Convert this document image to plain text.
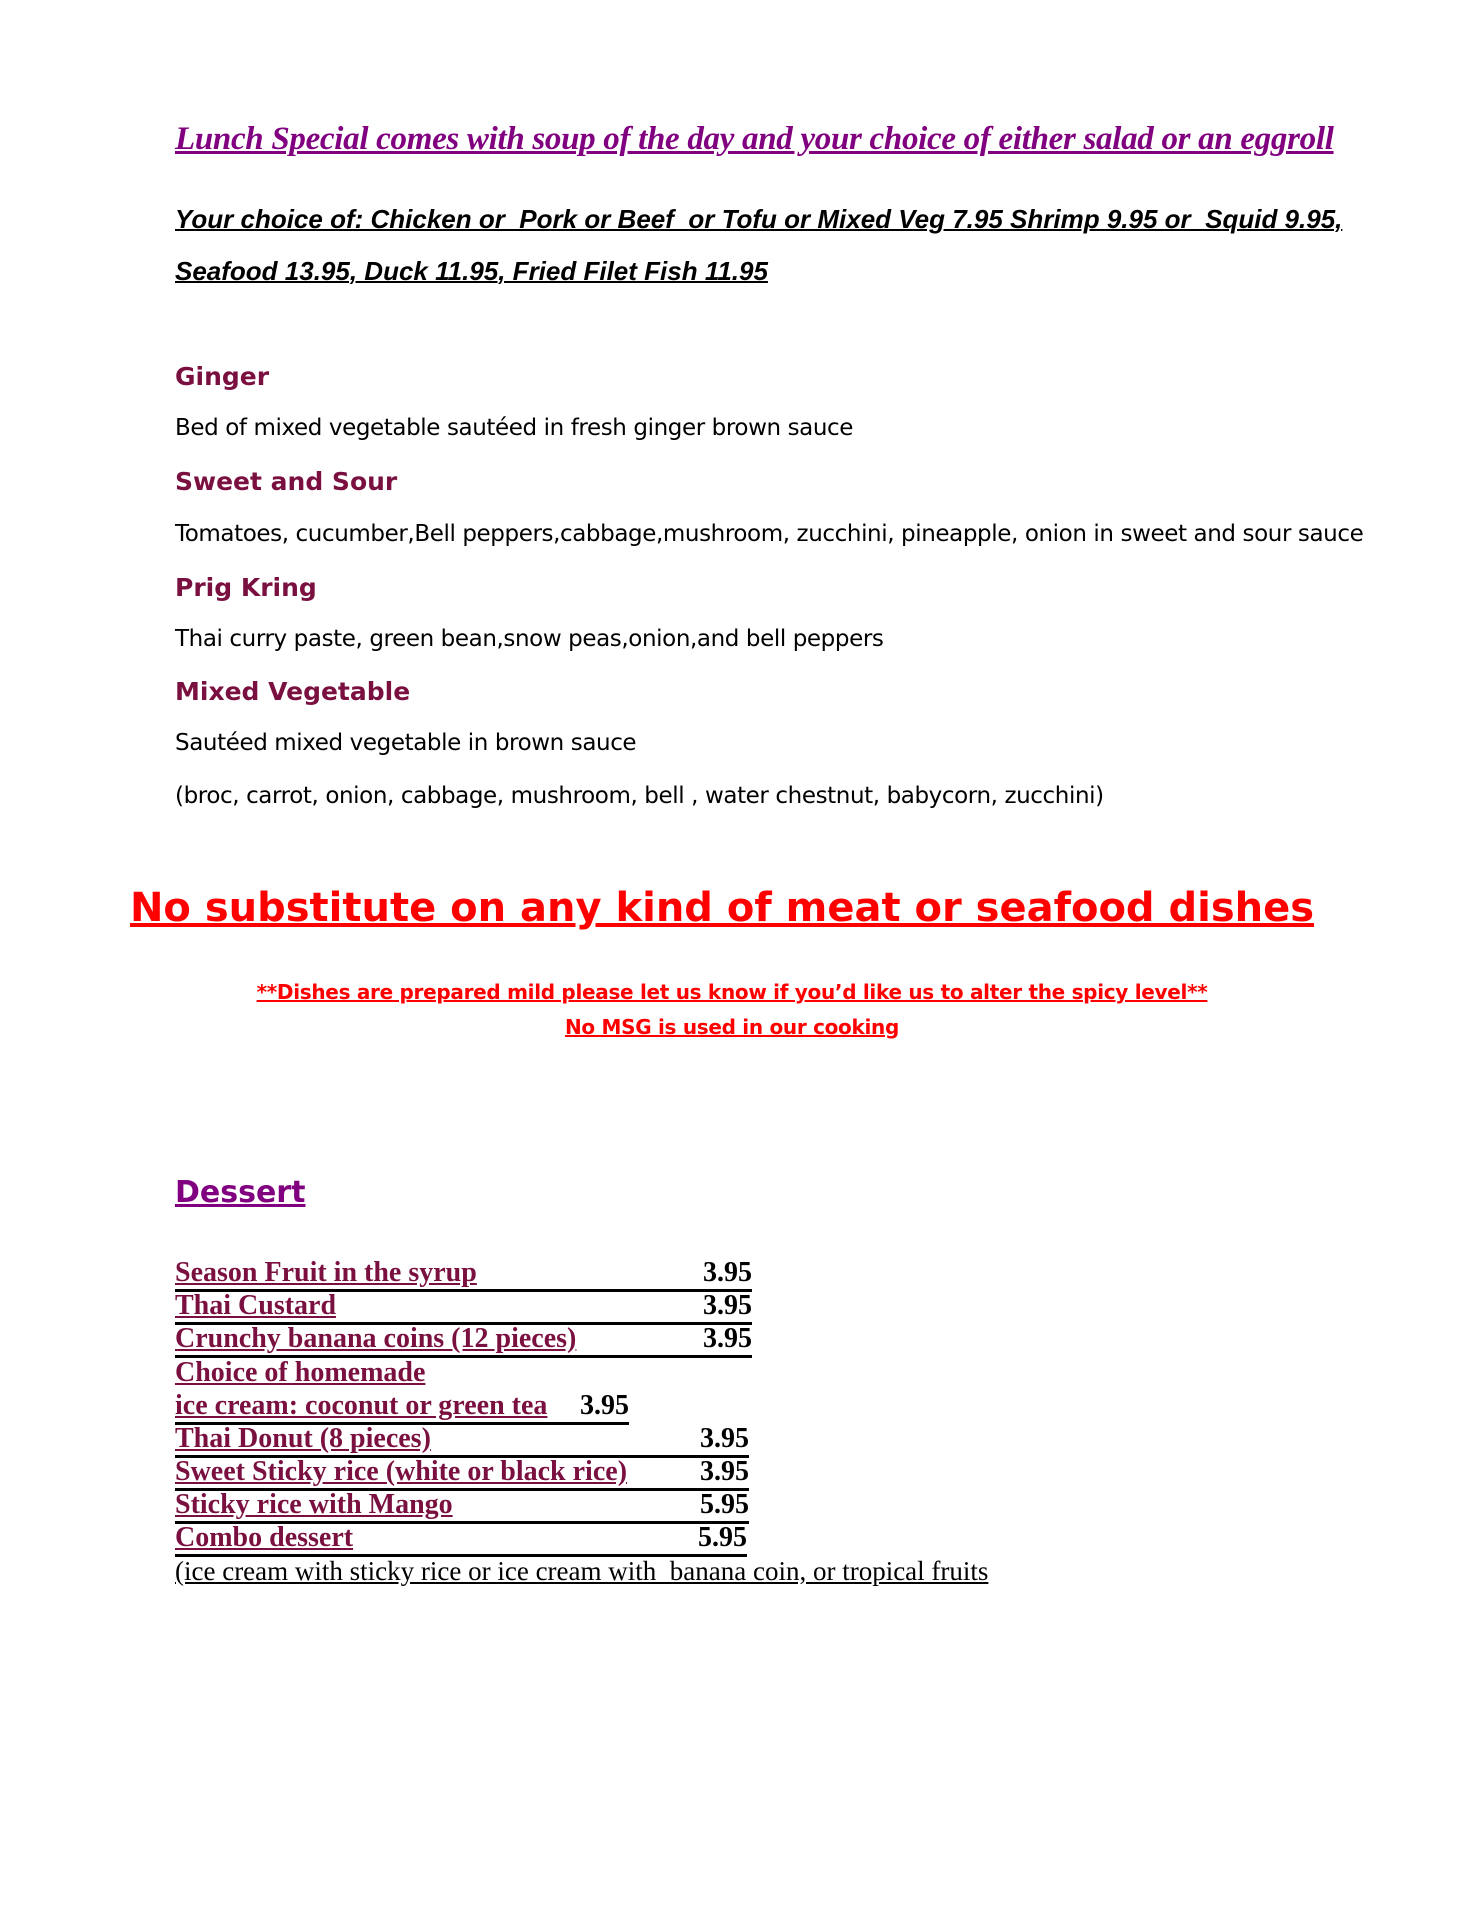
Lunch Special comes with soup of the day and your choice of either salad or an eggroll
Your choice of: Chicken or  Pork or Beef  or Tofu or Mixed Veg 7.95 Shrimp 9.95 or  Squid 9.95,
Seafood 13.95, Duck 11.95, Fried Filet Fish 11.95
Ginger
Bed of mixed vegetable sautéed in fresh ginger brown sauce
Sweet and Sour
Tomatoes, cucumber,Bell peppers,cabbage,mushroom, zucchini, pineapple, onion in sweet and sour sauce
Prig Kring
Thai curry paste, green bean,snow peas,onion,and bell peppers
Mixed Vegetable
Sautéed mixed vegetable in brown sauce
(broc, carrot, onion, cabbage, mushroom, bell , water chestnut, babycorn, zucchini)
No substitute on any kind of meat or seafood dishes
**Dishes are prepared mild please let us know if you’d like us to alter the spicy level**
No MSG is used in our cooking
Dessert
Season Fruit in the syrup	3.95
Thai Custard	3.95
Crunchy banana coins (12 pieces)	3.95
Choice of homemade
ice cream: coconut or green tea 3.95
Thai Donut (8 pieces)	3.95
Sweet Sticky rice (white or black rice)	3.95
Sticky rice with Mango	5.95
Combo dessert	5.95
(ice cream with sticky rice or ice cream with  banana coin, or tropical fruits
